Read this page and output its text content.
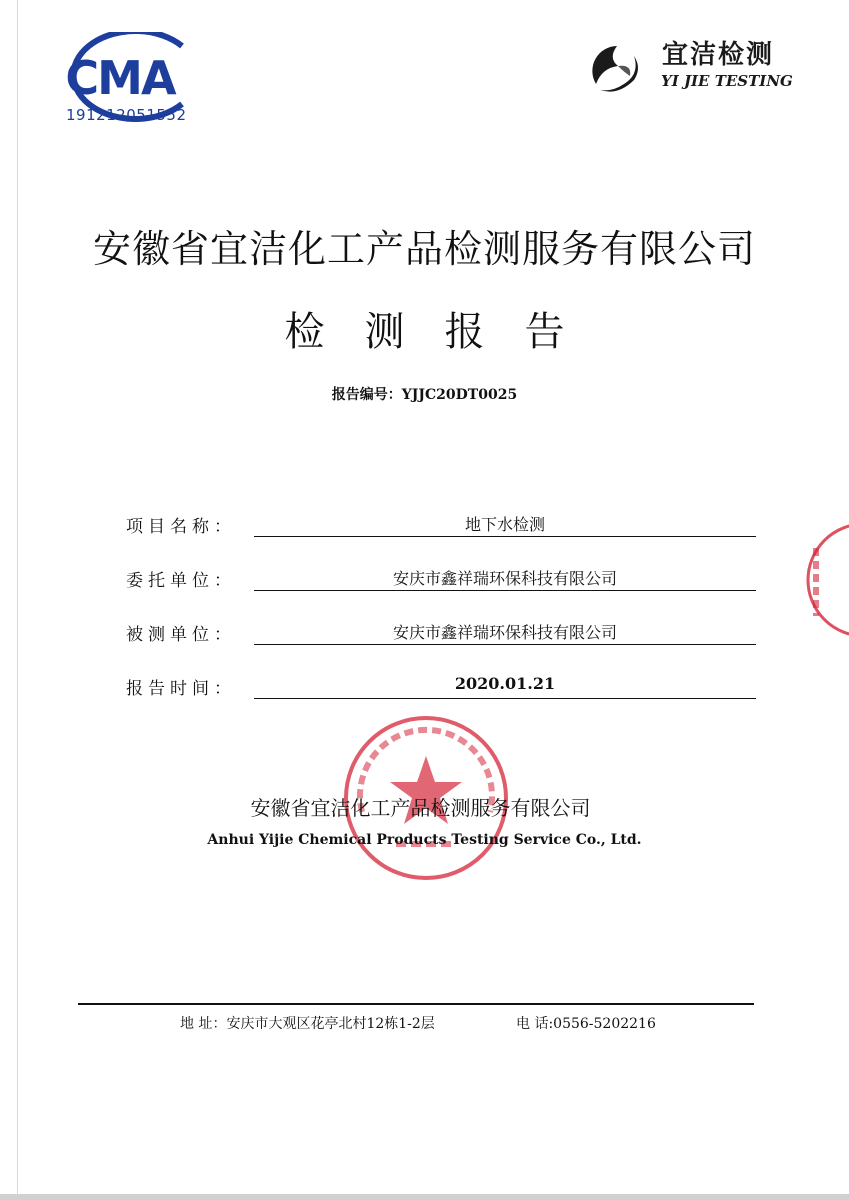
CMA
191212051552
宜洁检测
YI JIE TESTING
安徽省宜洁化工产品检测服务有限公司
检测报告
报告编号：YJJC20DT0025
项目名称：	地下水检测
委托单位：	安庆市鑫祥瑞环保科技有限公司
被测单位：	安庆市鑫祥瑞环保科技有限公司
报告时间：	2020.01.21
安徽省宜洁化工产品检测服务有限公司
Anhui Yijie Chemical Products Testing Service Co., Ltd.
地 址：安庆市大观区花亭北村12栋1-2层	电 话:0556-5202216
